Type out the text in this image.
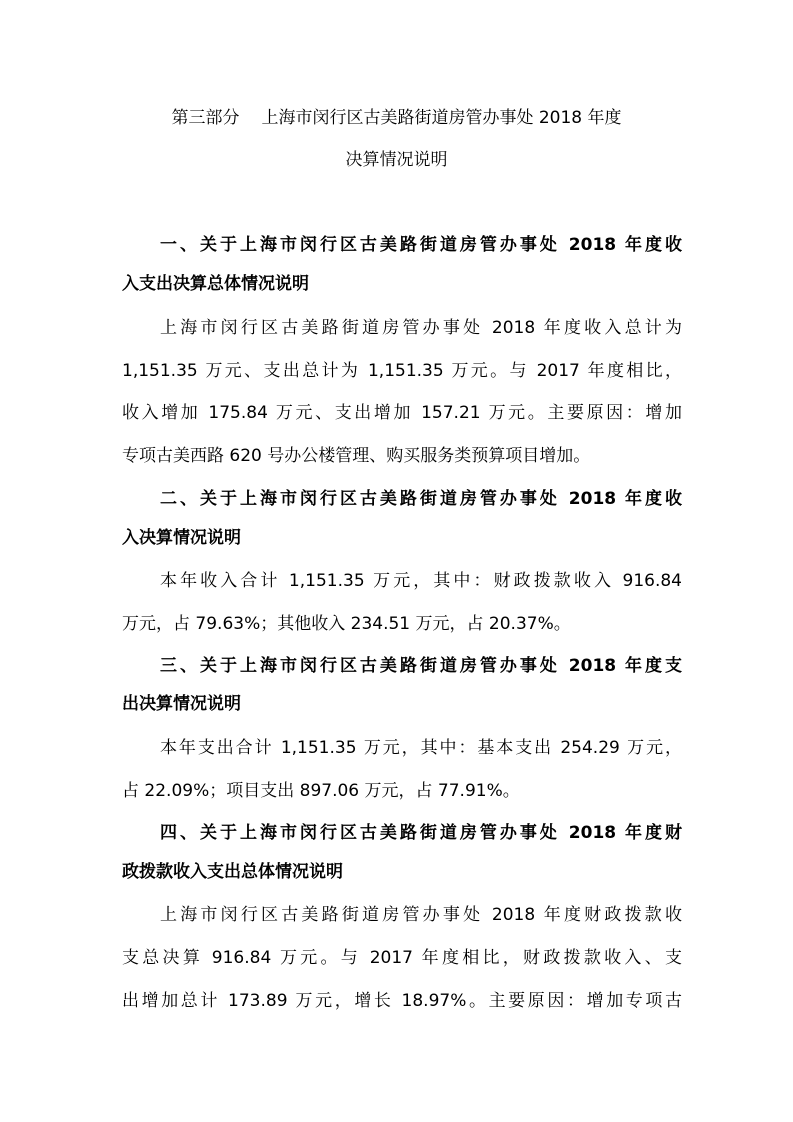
第三部分 上海市闵行区古美路街道房管办事处 2018 年度
决算情况说明
一、关于上海市闵行区古美路街道房管办事处 2018 年度收
入支出决算总体情况说明
上海市闵行区古美路街道房管办事处 2018 年度收入总计为
1,151.35 万元、支出总计为 1,151.35 万元。与 2017 年度相比，
收入增加 175.84 万元、支出增加 157.21 万元。主要原因：增加
专项古美西路 620 号办公楼管理、购买服务类预算项目增加。
二、关于上海市闵行区古美路街道房管办事处 2018 年度收
入决算情况说明
本年收入合计 1,151.35 万元，其中：财政拨款收入 916.84
万元，占 79.63%；其他收入 234.51 万元，占 20.37%。
三、关于上海市闵行区古美路街道房管办事处 2018 年度支
出决算情况说明
本年支出合计 1,151.35 万元，其中：基本支出 254.29 万元，
占 22.09%；项目支出 897.06 万元，占 77.91%。
四、关于上海市闵行区古美路街道房管办事处 2018 年度财
政拨款收入支出总体情况说明
上海市闵行区古美路街道房管办事处 2018 年度财政拨款收
支总决算 916.84 万元。与 2017 年度相比，财政拨款收入、支
出增加总计 173.89 万元，增长 18.97%。主要原因：增加专项古
